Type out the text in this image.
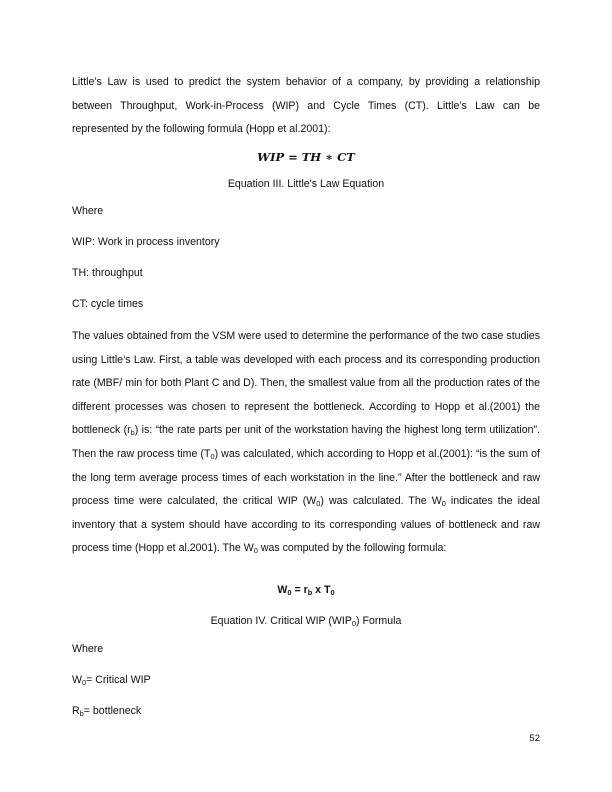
Little’s Law is used to predict the system behavior of a company, by providing a relationship between Throughput, Work-in-Process (WIP) and Cycle Times (CT). Little’s Law can be represented by the following formula (Hopp et al.2001):

WIP = TH ∗ CT
Equation III. Little's Law Equation
Where
WIP: Work in process inventory
TH: throughput
CT: cycle times

The values obtained from the VSM were used to determine the performance of the two case studies using Little’s Law. First, a table was developed with each process and its corresponding production rate (MBF/ min for both Plant C and D). Then, the smallest value from all the production rates of the different processes was chosen to represent the bottleneck. According to Hopp et al.(2001) the bottleneck $(r_b)$ is: “the rate parts per unit of the workstation having the highest long term utilization”. Then the raw process time $(T_0)$ was calculated, which according to Hopp et al.(2001): “is the sum of the long term average process times of each workstation in the line.” After the bottleneck and raw process time were calculated, the critical WIP $(W_0)$ was calculated. The $W_0$ indicates the ideal inventory that a system should have according to its corresponding values of bottleneck and raw process time (Hopp et al.2001). The $W_0$ was computed by the following formula:

$W_0 = r_b$ x $T_0$
Equation IV. Critical WIP $(WIP_0)$ Formula
Where
$W_0=$ Critical WIP
$R_b=$ bottleneck
52
